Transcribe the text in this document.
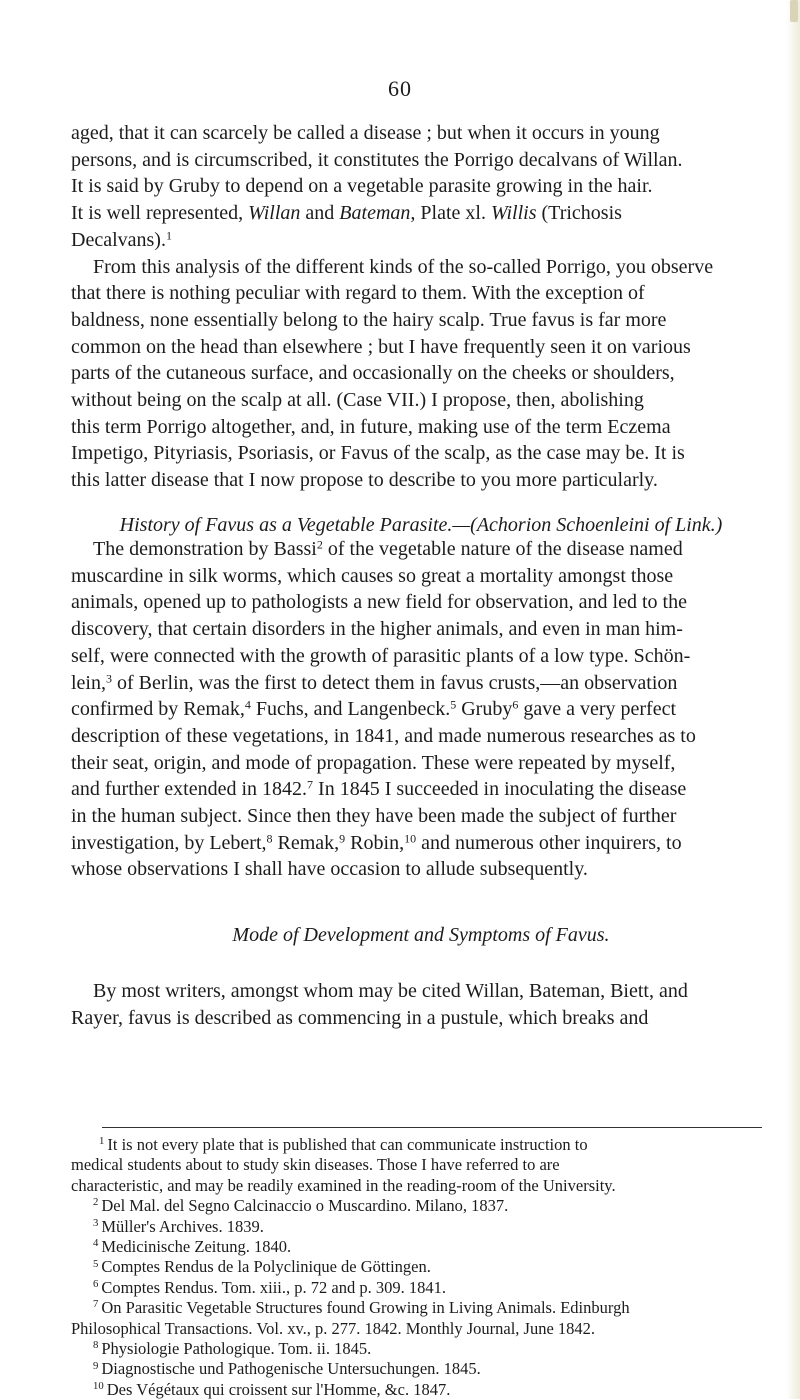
60
aged, that it can scarcely be called a disease ; but when it occurs in young
persons, and is circumscribed, it constitutes the Porrigo decalvans of Willan.
It is said by Gruby to depend on a vegetable parasite growing in the hair.
It is well represented, Willan and Bateman, Plate xl. Willis (Trichosis
Decalvans).$^1$
From this analysis of the different kinds of the so-called Porrigo, you observe
that there is nothing peculiar with regard to them. With the exception of
baldness, none essentially belong to the hairy scalp. True favus is far more
common on the head than elsewhere ; but I have frequently seen it on various
parts of the cutaneous surface, and occasionally on the cheeks or shoulders,
without being on the scalp at all. (Case VII.) I propose, then, abolishing
this term Porrigo altogether, and, in future, making use of the term Eczema
Impetigo, Pityriasis, Psoriasis, or Favus of the scalp, as the case may be. It is
this latter disease that I now propose to describe to you more particularly.
History of Favus as a Vegetable Parasite.—(Achorion Schoenleini of Link.)
The demonstration by Bassi$^2$ of the vegetable nature of the disease named
muscardine in silk worms, which causes so great a mortality amongst those
animals, opened up to pathologists a new field for observation, and led to the
discovery, that certain disorders in the higher animals, and even in man him-
self, were connected with the growth of parasitic plants of a low type. Schön-
lein,$^3$ of Berlin, was the first to detect them in favus crusts,—an observation
confirmed by Remak,$^4$ Fuchs, and Langenbeck.$^5$ Gruby$^6$ gave a very perfect
description of these vegetations, in 1841, and made numerous researches as to
their seat, origin, and mode of propagation. These were repeated by myself,
and further extended in 1842.$^7$ In 1845 I succeeded in inoculating the disease
in the human subject. Since then they have been made the subject of further
investigation, by Lebert,$^8$ Remak,$^9$ Robin,$^{10}$ and numerous other inquirers, to
whose observations I shall have occasion to allude subsequently.
Mode of Development and Symptoms of Favus.
By most writers, amongst whom may be cited Willan, Bateman, Biett, and
Rayer, favus is described as commencing in a pustule, which breaks and
$^1$ It is not every plate that is published that can communicate instruction to
medical students about to study skin diseases. Those I have referred to are
characteristic, and may be readily examined in the reading-room of the University.
$^2$ Del Mal. del Segno Calcinaccio o Muscardino. Milano, 1837.
$^3$ Müller's Archives. 1839.
$^4$ Medicinische Zeitung. 1840.
$^5$ Comptes Rendus de la Polyclinique de Göttingen.
$^6$ Comptes Rendus. Tom. xiii., p. 72 and p. 309. 1841.
$^7$ On Parasitic Vegetable Structures found Growing in Living Animals. Edinburgh
Philosophical Transactions. Vol. xv., p. 277. 1842. Monthly Journal, June 1842.
$^8$ Physiologie Pathologique. Tom. ii. 1845.
$^9$ Diagnostische und Pathogenische Untersuchungen. 1845.
$^{10}$ Des Végétaux qui croissent sur l'Homme, &c. 1847.
